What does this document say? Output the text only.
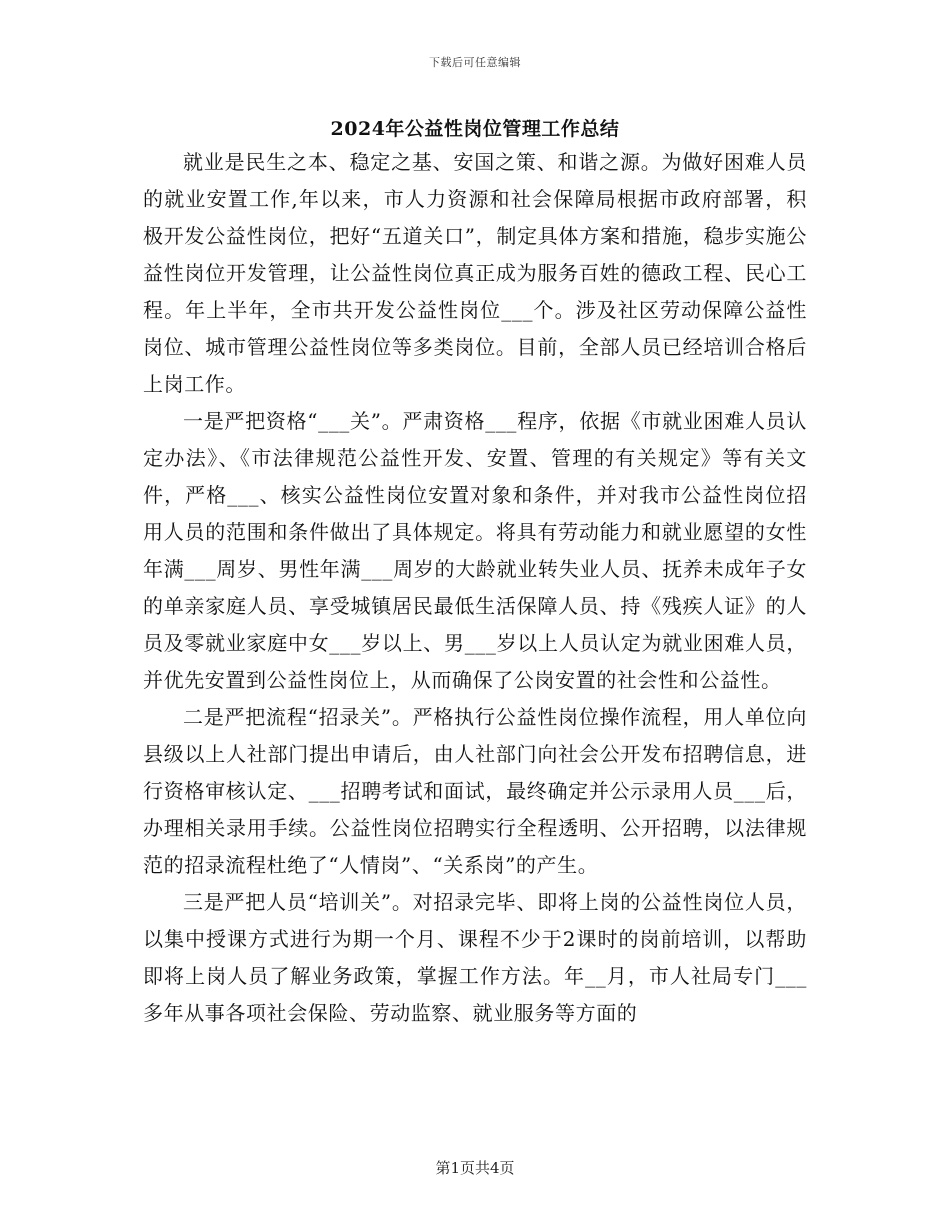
下载后可任意编辑
2024年公益性岗位管理工作总结

就业是民生之本、稳定之基、安国之策、和谐之源。为做好困难人员的就业安置工作,年以来，市人力资源和社会保障局根据市政府部署，积极开发公益性岗位，把好“五道关口”，制定具体方案和措施，稳步实施公益性岗位开发管理，让公益性岗位真正成为服务百姓的德政工程、民心工程。年上半年，全市共开发公益性岗位___个。涉及社区劳动保障公益性岗位、城市管理公益性岗位等多类岗位。目前，全部人员已经培训合格后上岗工作。

一是严把资格“___关”。严肃资格___程序，依据《市就业困难人员认定办法》、《市法律规范公益性开发、安置、管理的有关规定》等有关文件，严格___、核实公益性岗位安置对象和条件，并对我市公益性岗位招用人员的范围和条件做出了具体规定。将具有劳动能力和就业愿望的女性年满___周岁、男性年满___周岁的大龄就业转失业人员、抚养未成年子女的单亲家庭人员、享受城镇居民最低生活保障人员、持《残疾人证》的人员及零就业家庭中女___岁以上、男___岁以上人员认定为就业困难人员，并优先安置到公益性岗位上，从而确保了公岗安置的社会性和公益性。

二是严把流程“招录关”。严格执行公益性岗位操作流程，用人单位向县级以上人社部门提出申请后，由人社部门向社会公开发布招聘信息，进行资格审核认定、___招聘考试和面试，最终确定并公示录用人员___后，办理相关录用手续。公益性岗位招聘实行全程透明、公开招聘，以法律规范的招录流程杜绝了“人情岗”、“关系岗”的产生。

三是严把人员“培训关”。对招录完毕、即将上岗的公益性岗位人员，以集中授课方式进行为期一个月、课程不少于2课时的岗前培训，以帮助即将上岗人员了解业务政策，掌握工作方法。年__月，市人社局专门___多年从事各项社会保险、劳动监察、就业服务等方面的

第1页共4页
